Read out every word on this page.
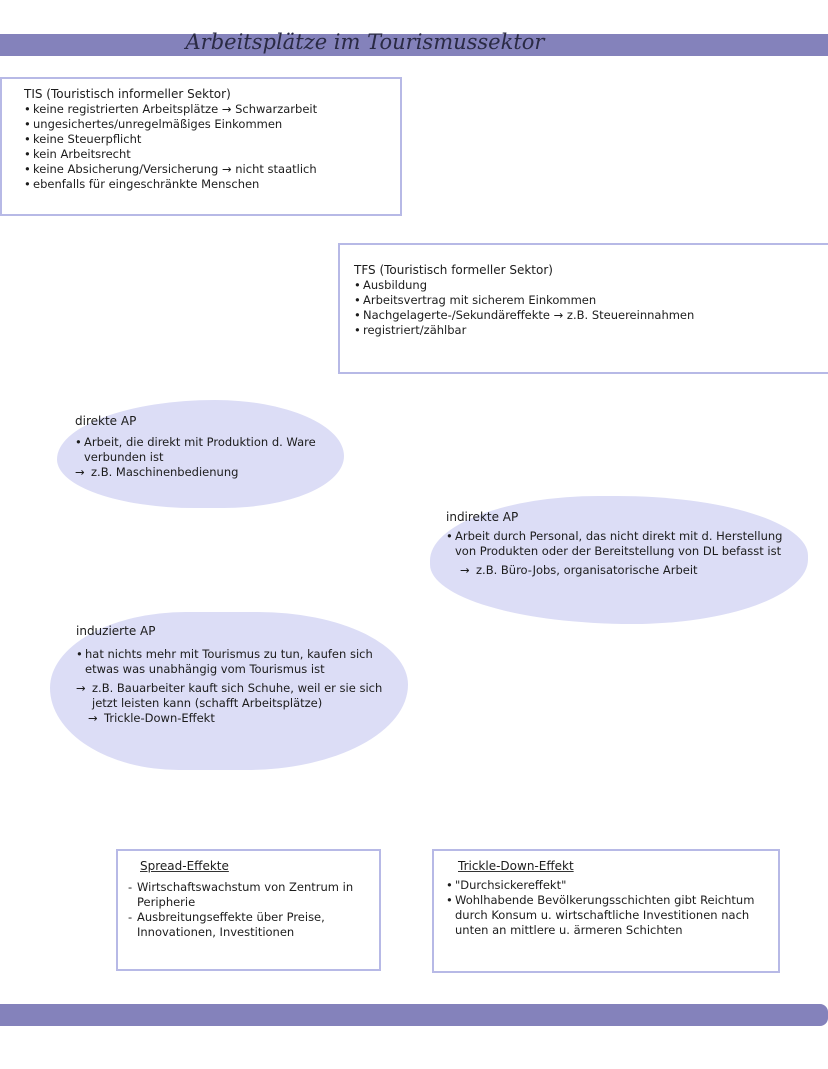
Arbeitsplätze im Tourismussektor

TIS (Touristisch informeller Sektor)

• keine registrierten Arbeitsplätze → Schwarzarbeit
• ungesichertes/unregelmäßiges Einkommen
• keine Steuerpflicht
• kein Arbeitsrecht
• keine Absicherung/Versicherung → nicht staatlich
• ebenfalls für eingeschränkte Menschen

TFS (Touristisch formeller Sektor)

• Ausbildung
• Arbeitsvertrag mit sicherem Einkommen
• Nachgelagerte-/Sekundäreffekte → z.B. Steuereinnahmen
• registriert/zählbar

direkte AP

• Arbeit, die direkt mit Produktion d. Ware verbunden ist
→ z.B. Maschinenbedienung

indirekte AP

• Arbeit durch Personal, das nicht direkt mit d. Herstellung von Produkten oder der Bereitstellung von DL befasst ist
→ z.B. Büro-Jobs, organisatorische Arbeit

induzierte AP

• hat nichts mehr mit Tourismus zu tun, kaufen sich etwas was unabhängig vom Tourismus ist
→ z.B. Bauarbeiter kauft sich Schuhe, weil er sie sich jetzt leisten kann (schafft Arbeitsplätze)
→ Trickle-Down-Effekt

Spread-Effekte

- Wirtschaftswachstum von Zentrum in Peripherie
- Ausbreitungseffekte über Preise, Innovationen, Investitionen

Trickle-Down-Effekt

• "Durchsickereffekt"
• Wohlhabende Bevölkerungsschichten gibt Reichtum durch Konsum u. wirtschaftliche Investitionen nach unten an mittlere u. ärmeren Schichten
